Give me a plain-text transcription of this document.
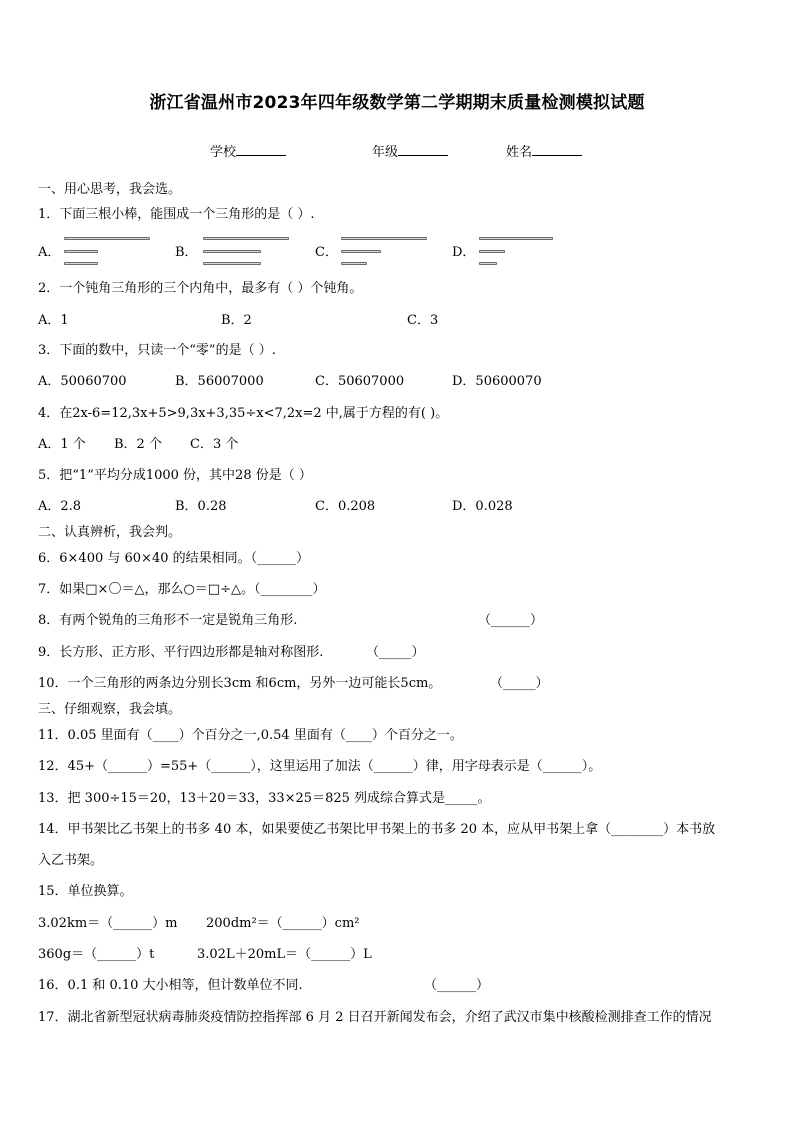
浙江省温州市2023年四年级数学第二学期期末质量检测模拟试题
学校	年级	姓名
一、用心思考，我会选。
1．下面三根小棒，能围成一个三角形的是（ ）.
A．	B．	C．	D．
2．一个钝角三角形的三个内角中，最多有（ ）个钝角。
A．1	B．2	C．3
3．下面的数中，只读一个“零”的是（ ）.
A．50060700	B．56007000	C．50607000	D．50600070
4．在2x-6=12,3x+5>9,3x+3,35÷x<7,2x=2 中,属于方程的有( )。
A．1 个 B．2 个 C．3 个
5．把“1”平均分成1000 份，其中28 份是（ ）
A．2.8	B．0.28	C．0.208	D．0.028
二、认真辨析，我会判。
6．6×400 与 60×40 的结果相同。（______）
7．如果□×〇＝△，那么○＝□÷△。（________）
8．有两个锐角的三角形不一定是锐角三角形.	（______）
9．长方形、正方形、平行四边形都是轴对称图形.	（_____）
10．一个三角形的两条边分别长3cm 和6cm，另外一边可能长5cm。	（_____）
三、仔细观察，我会填。
11．0.05 里面有（____）个百分之一,0.54 里面有（____）个百分之一。
12．45+（______）=55+（______），这里运用了加法（______）律，用字母表示是（______）。
13．把 300÷15＝20，13＋20＝33，33×25＝825 列成综合算式是_____。
14．甲书架比乙书架上的书多 40 本，如果要使乙书架比甲书架上的书多 20 本，应从甲书架上拿（________）本书放
入乙书架。
15．单位换算。
3.02km＝（______）m 200dm²＝（______）cm²
360g＝（______）t	3.02L＋20mL＝（______）L
16．0.1 和 0.10 大小相等，但计数单位不同.	（______）
17．湖北省新型冠状病毒肺炎疫情防控指挥部 6 月 2 日召开新闻发布会，介绍了武汉市集中核酸检测排查工作的情况
